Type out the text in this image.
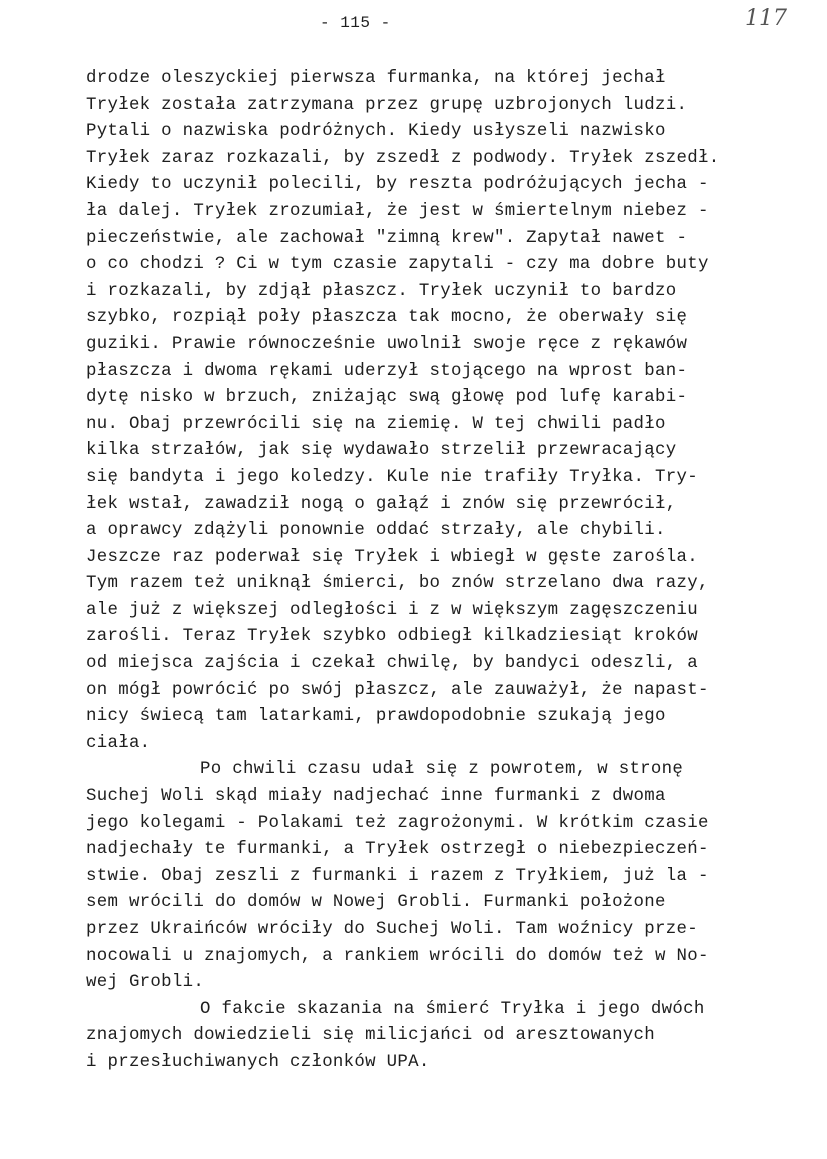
- 115 -	117
drodze oleszyckiej pierwsza furmanka, na której jechał
Tryłek została zatrzymana przez grupę uzbrojonych ludzi.
Pytali o nazwiska podróżnych. Kiedy usłyszeli nazwisko
Tryłek zaraz rozkazali, by zszedł z podwody. Tryłek zszedł.
Kiedy to uczynił polecili, by reszta podróżujących jecha -
ła dalej. Tryłek zrozumiał, że jest w śmiertelnym niebez -
pieczeństwie, ale zachował "zimną krew". Zapytał nawet -
o co chodzi ? Ci w tym czasie zapytali - czy ma dobre buty
i rozkazali, by zdjął płaszcz. Tryłek uczynił to bardzo
szybko, rozpiął poły płaszcza tak mocno, że oberwały się
guziki. Prawie równocześnie uwolnił swoje ręce z rękawów
płaszcza i dwoma rękami uderzył stojącego na wprost ban-
dytę nisko w brzuch, zniżając swą głowę pod lufę karabi-
nu. Obaj przewrócili się na ziemię. W tej chwili padło
kilka strzałów, jak się wydawało strzelił przewracający
się bandyta i jego koledzy. Kule nie trafiły Tryłka. Try-
łek wstał, zawadził nogą o gałąź i znów się przewrócił,
a oprawcy zdążyli ponownie oddać strzały, ale chybili.
Jeszcze raz poderwał się Tryłek i wbiegł w gęste zarośla.
Tym razem też uniknął śmierci, bo znów strzelano dwa razy,
ale już z większej odległości i z w większym zagęszczeniu
zarośli. Teraz Tryłek szybko odbiegł kilkadziesiąt kroków
od miejsca zajścia i czekał chwilę, by bandyci odeszli, a
on mógł powrócić po swój płaszcz, ale zauważył, że napast-
nicy świecą tam latarkami, prawdopodobnie szukają jego
ciała.
Po chwili czasu udał się z powrotem, w stronę
Suchej Woli skąd miały nadjechać inne furmanki z dwoma
jego kolegami - Polakami też zagrożonymi. W krótkim czasie
nadjechały te furmanki, a Tryłek ostrzegł o niebezpieczeń-
stwie. Obaj zeszli z furmanki i razem z Tryłkiem, już la -
sem wrócili do domów w Nowej Grobli. Furmanki położone
przez Ukraińców wróciły do Suchej Woli. Tam woźnicy prze-
nocowali u znajomych, a rankiem wrócili do domów też w No-
wej Grobli.
O fakcie skazania na śmierć Tryłka i jego dwóch
znajomych dowiedzieli się milicjańci od aresztowanych
i przesłuchiwanych członków UPA.
